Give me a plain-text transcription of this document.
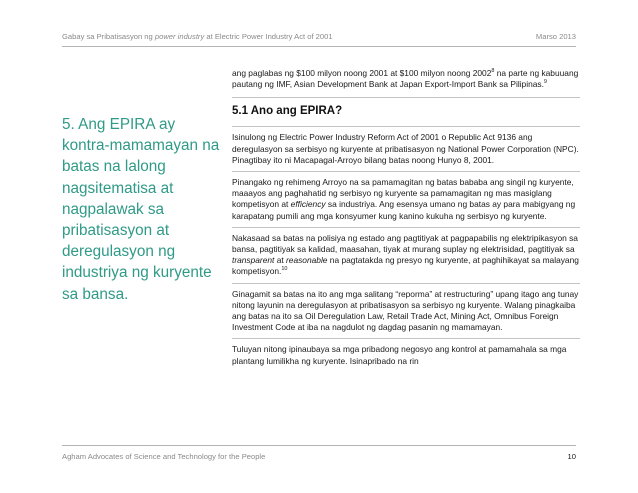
Gabay sa Pribatisasyon ng power industry at Electric Power Industry Act of 2001	Marso 2013
5. Ang EPIRA ay kontra-mamamayan na batas na lalong nagsitematisa at nagpalawak sa pribatisasyon at deregulasyon ng industriya ng kuryente sa bansa.

ang paglabas ng $100 milyon noong 2001 at $100 milyon noong 2002$^8$ na parte ng kabuuang pautang ng IMF, Asian Development Bank at Japan Export-Import Bank sa Pilipinas.$^9$

5.1 Ano ang EPIRA?

Isinulong ng Electric Power Industry Reform Act of 2001 o Republic Act 9136 ang deregulasyon sa serbisyo ng kuryente at pribatisasyon ng National Power Corporation (NPC). Pinagtibay ito ni Macapagal-Arroyo bilang batas noong Hunyo 8, 2001.

Pinangako ng rehimeng Arroyo na sa pamamagitan ng batas bababa ang singil ng kuryente, maaayos ang paghahatid ng serbisyo ng kuryente sa pamamagitan ng mas masiglang kompetisyon at efficiency sa industriya. Ang esensya umano ng batas ay para mabigyang ng karapatang pumili ang mga konsyumer kung kanino kukuha ng serbisyo ng kuryente.

Nakasaad sa batas na polisiya ng estado ang pagtitiyak at pagpapabilis ng elektripikasyon sa bansa, pagtitiyak sa kalidad, maasahan, tiyak at murang suplay ng elektrisidad, pagtitiyak sa transparent at reasonable na pagtatakda ng presyo ng kuryente, at paghihikayat sa malayang kompetisyon.$^{10}$

Ginagamit sa batas na ito ang mga salitang “reporma” at restructuring” upang itago ang tunay nitong layunin na deregulasyon at pribatisasyon sa serbisyo ng kuryente. Walang pinagkaiba ang batas na ito sa Oil Deregulation Law, Retail Trade Act, Mining Act, Omnibus Foreign Investment Code at iba na nagdulot ng dagdag pasanin ng mamamayan.

Tuluyan nitong ipinaubaya sa mga pribadong negosyo ang kontrol at pamamahala sa mga plantang lumilikha ng kuryente. Isinapribado na rin

Agham Advocates of Science and Technology for the People	10
